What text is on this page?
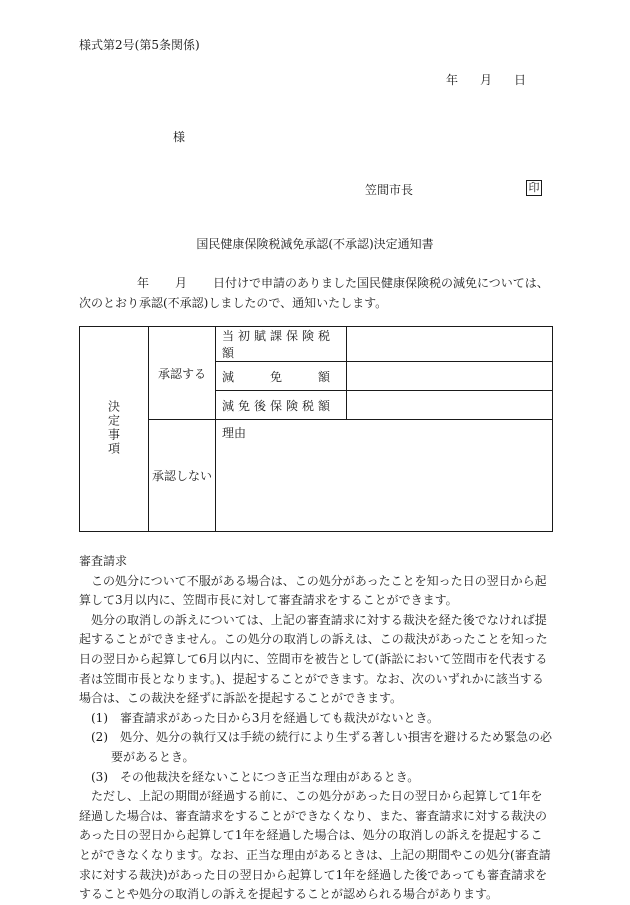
様式第2号(第5条関係)
年 月 日
様
笠間市長	印
国民健康保険税減免承認(不承認)決定通知書
年 月 日付けで申請のありました国民健康保険税の減免については、次のとおり承認(不承認)しましたので、通知いたします。
決定事項	承認する	当初賦課保険税額	
		減　　免　　額	
		減免後保険税額	
	承認しない	理由	

審査請求

この処分について不服がある場合は、この処分があったことを知った日の翌日から起算して3月以内に、笠間市長に対して審査請求をすることができます。

処分の取消しの訴えについては、上記の審査請求に対する裁決を経た後でなければ提起することができません。この処分の取消しの訴えは、この裁決があったことを知った日の翌日から起算して6月以内に、笠間市を被告として(訴訟において笠間市を代表する者は笠間市長となります。)、提起することができます。なお、次のいずれかに該当する場合は、この裁決を経ずに訴訟を提起することができます。

(1)　審査請求があった日から3月を経過しても裁決がないとき。

(2)　処分、処分の執行又は手続の続行により生ずる著しい損害を避けるため緊急の必要があるとき。

(3)　その他裁決を経ないことにつき正当な理由があるとき。

ただし、上記の期間が経過する前に、この処分があった日の翌日から起算して1年を経過した場合は、審査請求をすることができなくなり、また、審査請求に対する裁決のあった日の翌日から起算して1年を経過した場合は、処分の取消しの訴えを提起することができなくなります。なお、正当な理由があるときは、上記の期間やこの処分(審査請求に対する裁決)があった日の翌日から起算して1年を経過した後であっても審査請求をすることや処分の取消しの訴えを提起することが認められる場合があります。
